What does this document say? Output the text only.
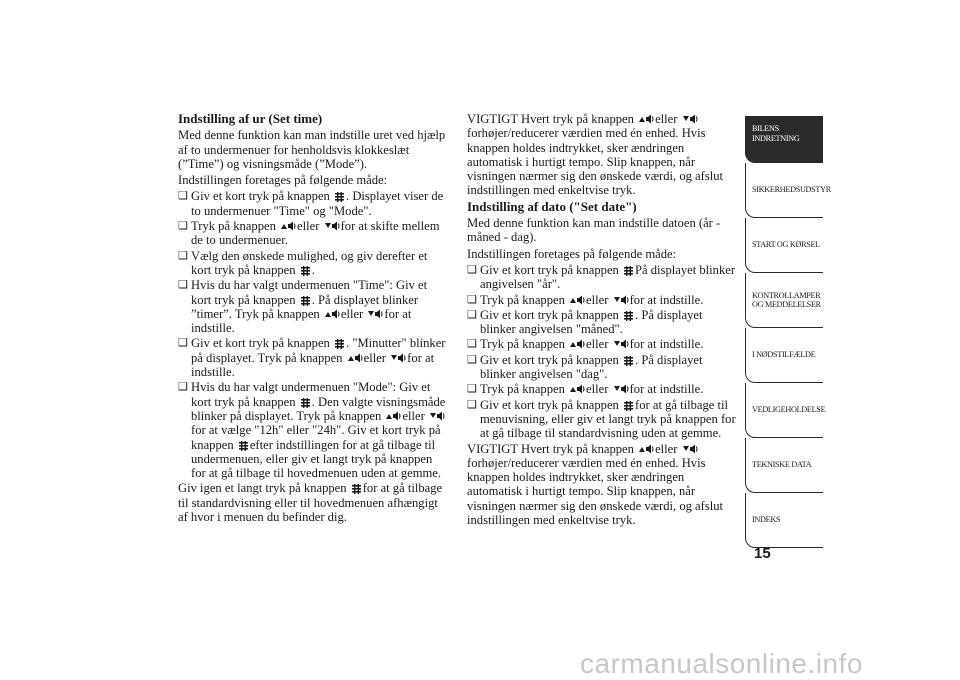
Indstilling af ur (Set time)
Med denne funktion kan man indstille uret ved hjælp af to undermenuer for henholdsvis klokkeslæt (”Time”) og visningsmåde (”Mode”).
Indstillingen foretages på følgende måde:
❑ Giv et kort tryk på knappen . Displayet viser de to undermenuer "Time" og "Mode".
❑ Tryk på knappen eller for at skifte mellem de to undermenuer.
❑ Vælg den ønskede mulighed, og giv derefter et kort tryk på knappen .
❑ Hvis du har valgt undermenuen "Time": Giv et kort tryk på knappen . På displayet blinker ”timer”. Tryk på knappen eller for at indstille.
❑ Giv et kort tryk på knappen . "Minutter" blinker på displayet. Tryk på knappen eller for at indstille.
❑ Hvis du har valgt undermenuen "Mode": Giv et kort tryk på knappen . Den valgte visningsmåde blinker på displayet. Tryk på knappen eller for at vælge "12h" eller "24h". Giv et kort tryk på knappen efter indstillingen for at gå tilbage til undermenuen, eller giv et langt tryk på knappen for at gå tilbage til hovedmenuen uden at gemme.
Giv igen et langt tryk på knappen for at gå tilbage til standardvisning eller til hovedmenuen afhængigt af hvor i menuen du befinder dig.
VIGTIGT Hvert tryk på knappen eller forhøjer/reducerer værdien med én enhed. Hvis knappen holdes indtrykket, sker ændringen automatisk i hurtigt tempo. Slip knappen, når visningen nærmer sig den ønskede værdi, og afslut indstillingen med enkeltvise tryk.
Indstilling af dato ("Set date")
Med denne funktion kan man indstille datoen (år - måned - dag).
Indstillingen foretages på følgende måde:
❑ Giv et kort tryk på knappen På displayet blinker angivelsen "år".
❑ Tryk på knappen eller for at indstille.
❑ Giv et kort tryk på knappen . På displayet blinker angivelsen "måned".
❑ Tryk på knappen eller for at indstille.
❑ Giv et kort tryk på knappen . På displayet blinker angivelsen "dag".
❑ Tryk på knappen eller for at indstille.
❑ Giv et kort tryk på knappen for at gå tilbage til menuvisning, eller giv et langt tryk på knappen for at gå tilbage til standardvisning uden at gemme.
VIGTIGT Hvert tryk på knappen eller forhøjer/reducerer værdien med én enhed. Hvis knappen holdes indtrykket, sker ændringen automatisk i hurtigt tempo. Slip knappen, når visningen nærmer sig den ønskede værdi, og afslut indstillingen med enkeltvise tryk.
BILENS
INDRETNING
SIKKERHEDSUDSTYR
START OG KØRSEL
KONTROLLAMPER
OG MEDDELELSER
I NØDSTILFÆLDE
VEDLIGEHOLDELSE
TEKNISKE DATA
INDEKS
15
carmanualsonline.info
